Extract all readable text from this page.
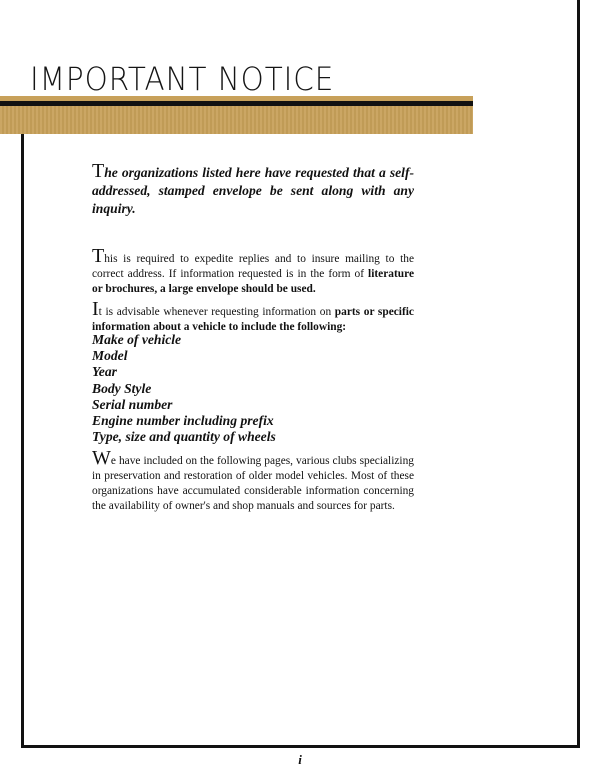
IMPORTANT NOTICE

The organizations listed here have requested that a self-addressed, stamped envelope be sent along with any inquiry.

This is required to expedite replies and to insure mailing to the correct address. If information requested is in the form of literature or brochures, a large envelope should be used.

It is advisable whenever requesting information on parts or specific information about a vehicle to include the following:

Make of vehicle
Model
Year
Body Style
Serial number
Engine number including prefix
Type, size and quantity of wheels

We have included on the following pages, various clubs specializing in preservation and restoration of older model vehicles. Most of these organizations have accumulated considerable information concerning the availability of owner's and shop manuals and sources for parts.

i
